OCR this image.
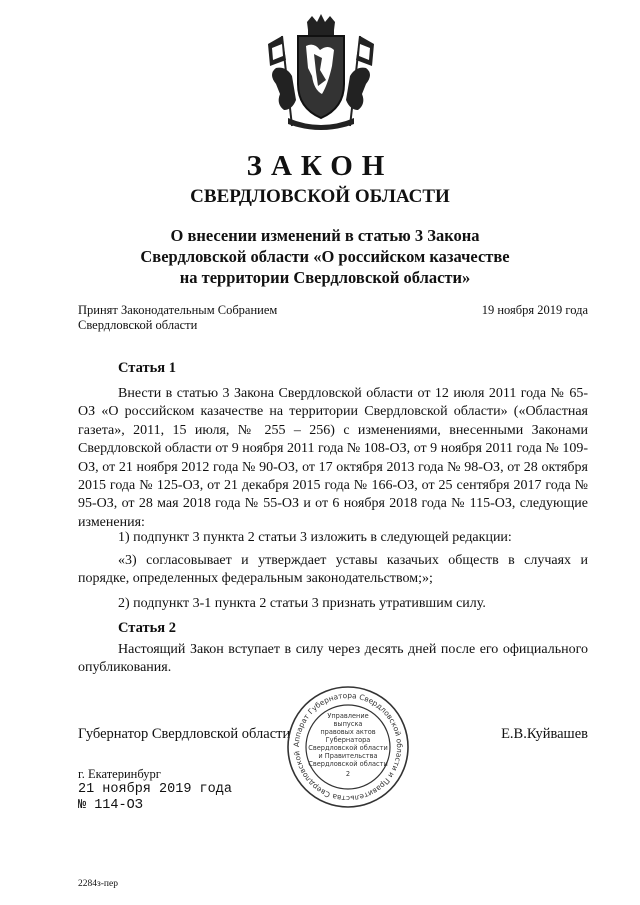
ЗАКОН
СВЕРДЛОВСКОЙ ОБЛАСТИ
О внесении изменений в статью 3 Закона
Свердловской области «О российском казачестве
на территории Свердловской области»
Принят Законодательным Собранием
Свердловской области
19 ноября 2019 года
Статья 1
Внести в статью 3 Закона Свердловской области от 12 июля 2011 года № 65-ОЗ «О российском казачестве на территории Свердловской области» («Областная газета», 2011, 15 июля, № 255 – 256) с изменениями, внесенными Законами Свердловской области от 9 ноября 2011 года № 108-ОЗ, от 9 ноября 2011 года № 109-ОЗ, от 21 ноября 2012 года № 90-ОЗ, от 17 октября 2013 года № 98-ОЗ, от 28 октября 2015 года № 125-ОЗ, от 21 декабря 2015 года № 166-ОЗ, от 25 сентября 2017 года № 95-ОЗ, от 28 мая 2018 года № 55-ОЗ и от 6 ноября 2018 года № 115-ОЗ, следующие изменения:
1) подпункт 3 пункта 2 статьи 3 изложить в следующей редакции:
«3) согласовывает и утверждает уставы казачьих обществ в случаях и порядке, определенных федеральным законодательством;»;
2) подпункт 3-1 пункта 2 статьи 3 признать утратившим силу.
Статья 2
Настоящий Закон вступает в силу через десять дней после его официального опубликования.
Губернатор Свердловской области	Е.В.Куйвашев
Аппарат Губернатора Свердловской области и Правительства Свердловской
Управление
выпуска
правовых актов
Губернатора
Свердловской области
и Правительства
Свердловской области
2
г. Екатеринбург
21 ноября 2019 года
№ 114-ОЗ
2284з-пер
